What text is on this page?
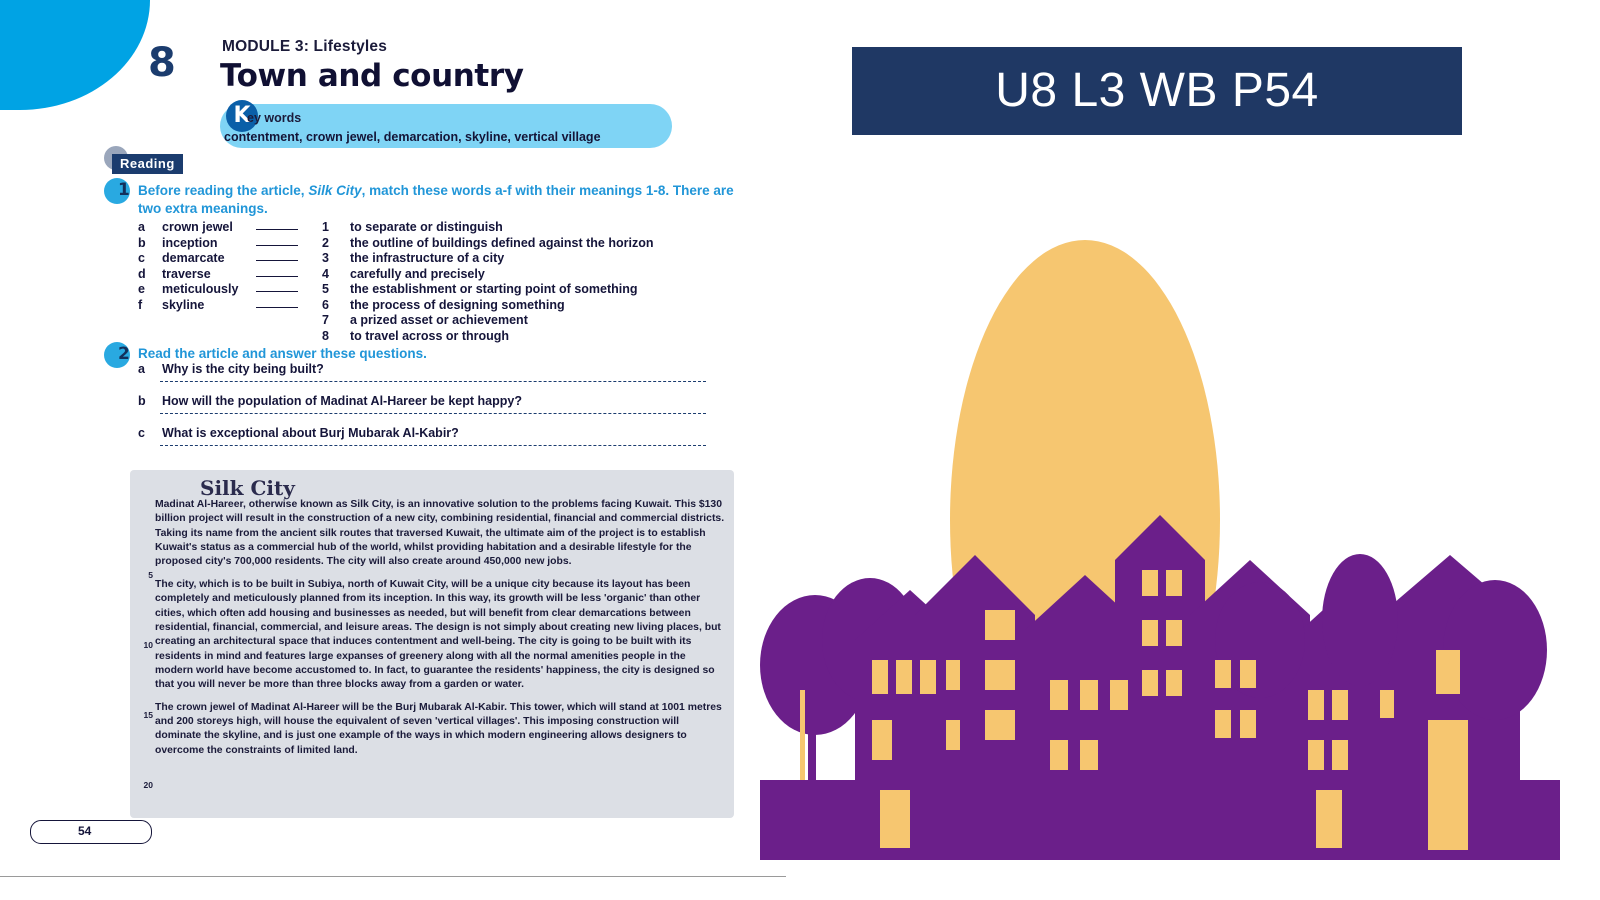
8	MODULE 3: Lifestyles
Town and country
K
ey words
contentment, crown jewel, demarcation, skyline, vertical village
Reading
1 Before reading the article, Silk City, match these words a-f with their meanings 1-8. There are two extra meanings.
a crown jewel
b inception
c demarcate
d traverse
e meticulously
f skyline
1 to separate or distinguish
2 the outline of buildings defined against the horizon
3 the infrastructure of a city
4 carefully and precisely
5 the establishment or starting point of something
6 the process of designing something
7 a prized asset or achievement
8 to travel across or through
2 Read the article and answer these questions.
a Why is the city being built?
b How will the population of Madinat Al-Hareer be kept happy?
c What is exceptional about Burj Mubarak Al-Kabir?
Silk City
5
10
15
20

Madinat Al-Hareer, otherwise known as Silk City, is an innovative solution to the problems facing Kuwait. This $130 billion project will result in the construction of a new city, combining residential, financial and commercial districts. Taking its name from the ancient silk routes that traversed Kuwait, the ultimate aim of the project is to establish Kuwait's status as a commercial hub of the world, whilst providing habitation and a desirable lifestyle for the proposed city's 700,000 residents. The city will also create around 450,000 new jobs.

The city, which is to be built in Subiya, north of Kuwait City, will be a unique city because its layout has been completely and meticulously planned from its inception. In this way, its growth will be less 'organic' than other cities, which often add housing and businesses as needed, but will benefit from clear demarcations between residential, financial, commercial, and leisure areas. The design is not simply about creating new living places, but creating an architectural space that induces contentment and well-being. The city is going to be built with its residents in mind and features large expanses of greenery along with all the normal amenities people in the modern world have become accustomed to. In fact, to guarantee the residents' happiness, the city is designed so that you will never be more than three blocks away from a garden or water.

The crown jewel of Madinat Al-Hareer will be the Burj Mubarak Al-Kabir. This tower, which will stand at 1001 metres and 200 storeys high, will house the equivalent of seven 'vertical villages'. This imposing construction will dominate the skyline, and is just one example of the ways in which modern engineering allows designers to overcome the constraints of limited land.

54
U8 L3 WB P54
